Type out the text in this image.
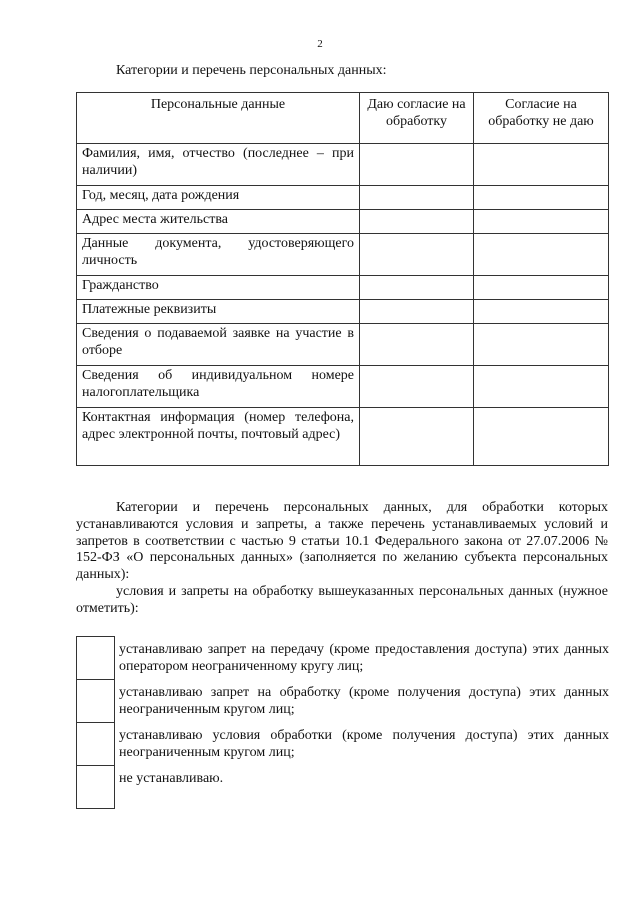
2
Категории и перечень персональных данных:
Персональные данные	Даю согласие на обработку	Согласие на обработку не даю
Фамилия, имя, отчество (последнее – при наличии)		
Год, месяц, дата рождения		
Адрес места жительства		
Данные документа, удостоверяющего личность		
Гражданство		
Платежные реквизиты		
Сведения о подаваемой заявке на участие в отборе		
Сведения об индивидуальном номере налогоплательщика		
Контактная информация (номер телефона, адрес электронной почты, почтовый адрес)		
Категории и перечень персональных данных, для обработки которых устанавливаются условия и запреты, а также перечень устанавливаемых условий и запретов в соответствии с частью 9 статьи 10.1 Федерального закона от 27.07.2006 № 152-ФЗ «О персональных данных» (заполняется по желанию субъекта персональных данных):
условия и запреты на обработку вышеуказанных персональных данных (нужное отметить):
	устанавливаю запрет на передачу (кроме предоставления доступа) этих данных оператором неограниченному кругу лиц;
	устанавливаю запрет на обработку (кроме получения доступа) этих данных неограниченным кругом лиц;
	устанавливаю условия обработки (кроме получения доступа) этих данных неограниченным кругом лиц;
	не устанавливаю.
